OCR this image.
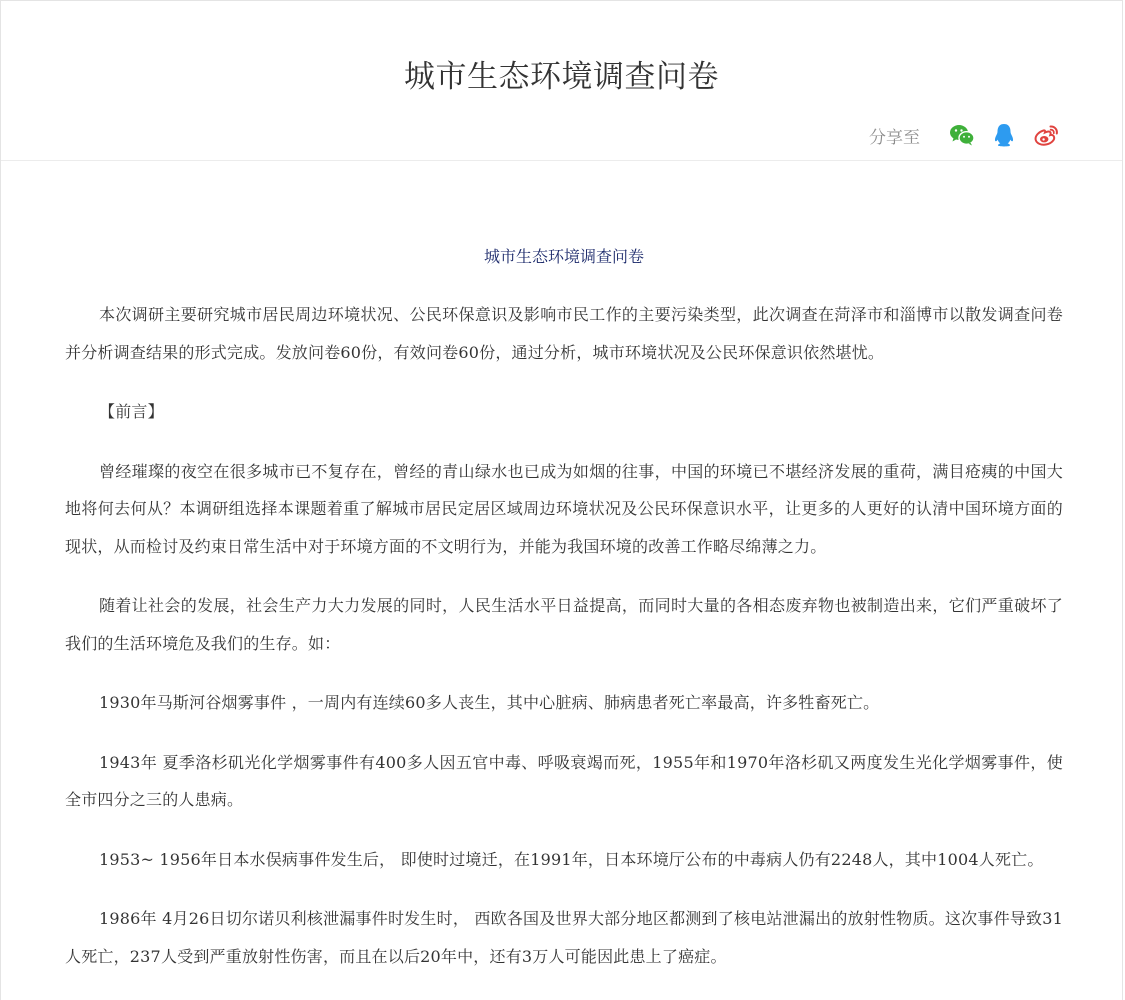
城市生态环境调查问卷
分享至
城市生态环境调查问卷

本次调研主要研究城市居民周边环境状况、公民环保意识及影响市民工作的主要污染类型，此次调查在菏泽市和淄博市以散发调查问卷并分析调查结果的形式完成。发放问卷60份，有效问卷60份，通过分析，城市环境状况及公民环保意识依然堪忧。

【前言】

曾经璀璨的夜空在很多城市已不复存在，曾经的青山绿水也已成为如烟的往事，中国的环境已不堪经济发展的重荷，满目疮痍的中国大地将何去何从？本调研组选择本课题着重了解城市居民定居区域周边环境状况及公民环保意识水平，让更多的人更好的认清中国环境方面的现状，从而检讨及约束日常生活中对于环境方面的不文明行为，并能为我国环境的改善工作略尽绵薄之力。

随着让社会的发展，社会生产力大力发展的同时，人民生活水平日益提高，而同时大量的各相态废弃物也被制造出来，它们严重破坏了我们的生活环境危及我们的生存。如：

1930年马斯河谷烟雾事件 ，一周内有连续60多人丧生，其中心脏病、肺病患者死亡率最高，许多牲畜死亡。

1943年 夏季洛杉矶光化学烟雾事件有400多人因五官中毒、呼吸衰竭而死，1955年和1970年洛杉矶又两度发生光化学烟雾事件，使全市四分之三的人患病。

1953~ 1956年日本水俣病事件发生后， 即使时过境迁，在1991年，日本环境厅公布的中毒病人仍有2248人，其中1004人死亡。

1986年 4月26日切尔诺贝利核泄漏事件时发生时， 西欧各国及世界大部分地区都测到了核电站泄漏出的放射性物质。这次事件导致31人死亡，237人受到严重放射性伤害，而且在以后20年中，还有3万人可能因此患上了癌症。
